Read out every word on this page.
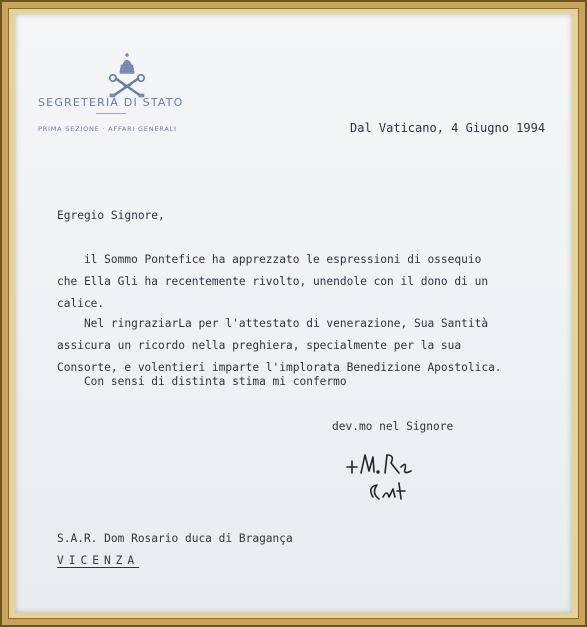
SEGRETERIA DI STATO
PRIMA SEZIONE · AFFARI GENERALI	Dal Vaticano, 4 Giugno 1994
Egregio Signore,
il Sommo Pontefice ha apprezzato le espressioni di ossequio
che Ella Gli ha recentemente rivolto, unendole con il dono di un
calice.
Nel ringraziarLa per l'attestato di venerazione, Sua Santità
assicura un ricordo nella preghiera, specialmente per la sua
Consorte, e volentieri imparte l'implorata Benedizione Apostolica.
Con sensi di distinta stima mi confermo
dev.mo nel Signore
S.A.R. Dom Rosario duca di Bragança
VICENZA
